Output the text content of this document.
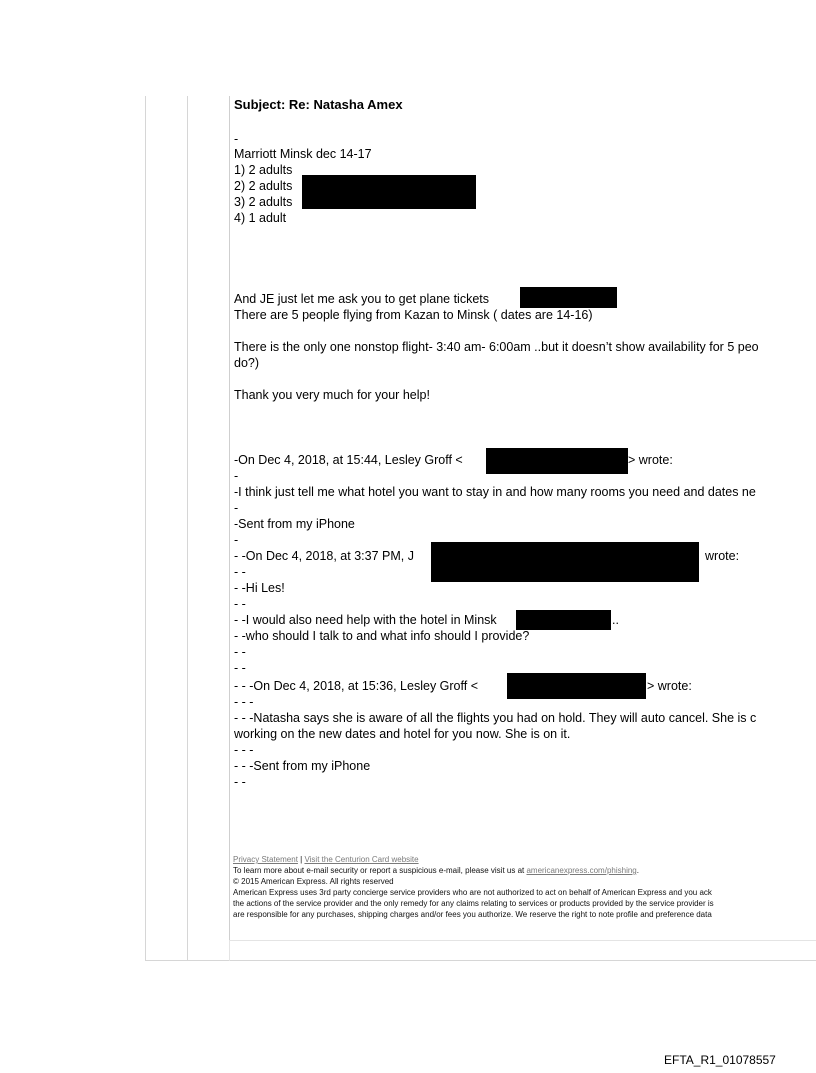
Subject: Re: Natasha Amex
-
Marriott Minsk dec 14-17
1) 2 adults
2) 2 adults
3) 2 adults
4) 1 adult
And JE just let me ask you to get plane tickets
There are 5 people flying from Kazan to Minsk ( dates are 14-16)
There is the only one nonstop flight- 3:40 am- 6:00am ..but it doesn’t show availability for 5 peo
do?)
Thank you very much for your help!
-On Dec 4, 2018, at 15:44, Lesley Groff <	> wrote:
-
-I think just tell me what hotel you want to stay in and how many rooms you need and dates ne
-
-Sent from my iPhone
-
- -On Dec 4, 2018, at 3:37 PM, J	wrote:
- -
- -Hi Les!
- -
- -I would also need help with the hotel in Minsk	..
- -who should I talk to and what info should I provide?
- -
- -
- - -On Dec 4, 2018, at 15:36, Lesley Groff <	> wrote:
- - -
- - -Natasha says she is aware of all the flights you had on hold. They will auto cancel. She is c
working on the new dates and hotel for you now. She is on it.
- - -
- - -Sent from my iPhone
- -
Privacy Statement | Visit the Centurion Card website
To learn more about e-mail security or report a suspicious e-mail, please visit us at americanexpress.com/phishing.
© 2015 American Express. All rights reserved
American Express uses 3rd party concierge service providers who are not authorized to act on behalf of American Express and you ack
the actions of the service provider and the only remedy for any claims relating to services or products provided by the service provider is
are responsible for any purchases, shipping charges and/or fees you authorize. We reserve the right to note profile and preference data
EFTA_R1_01078557
